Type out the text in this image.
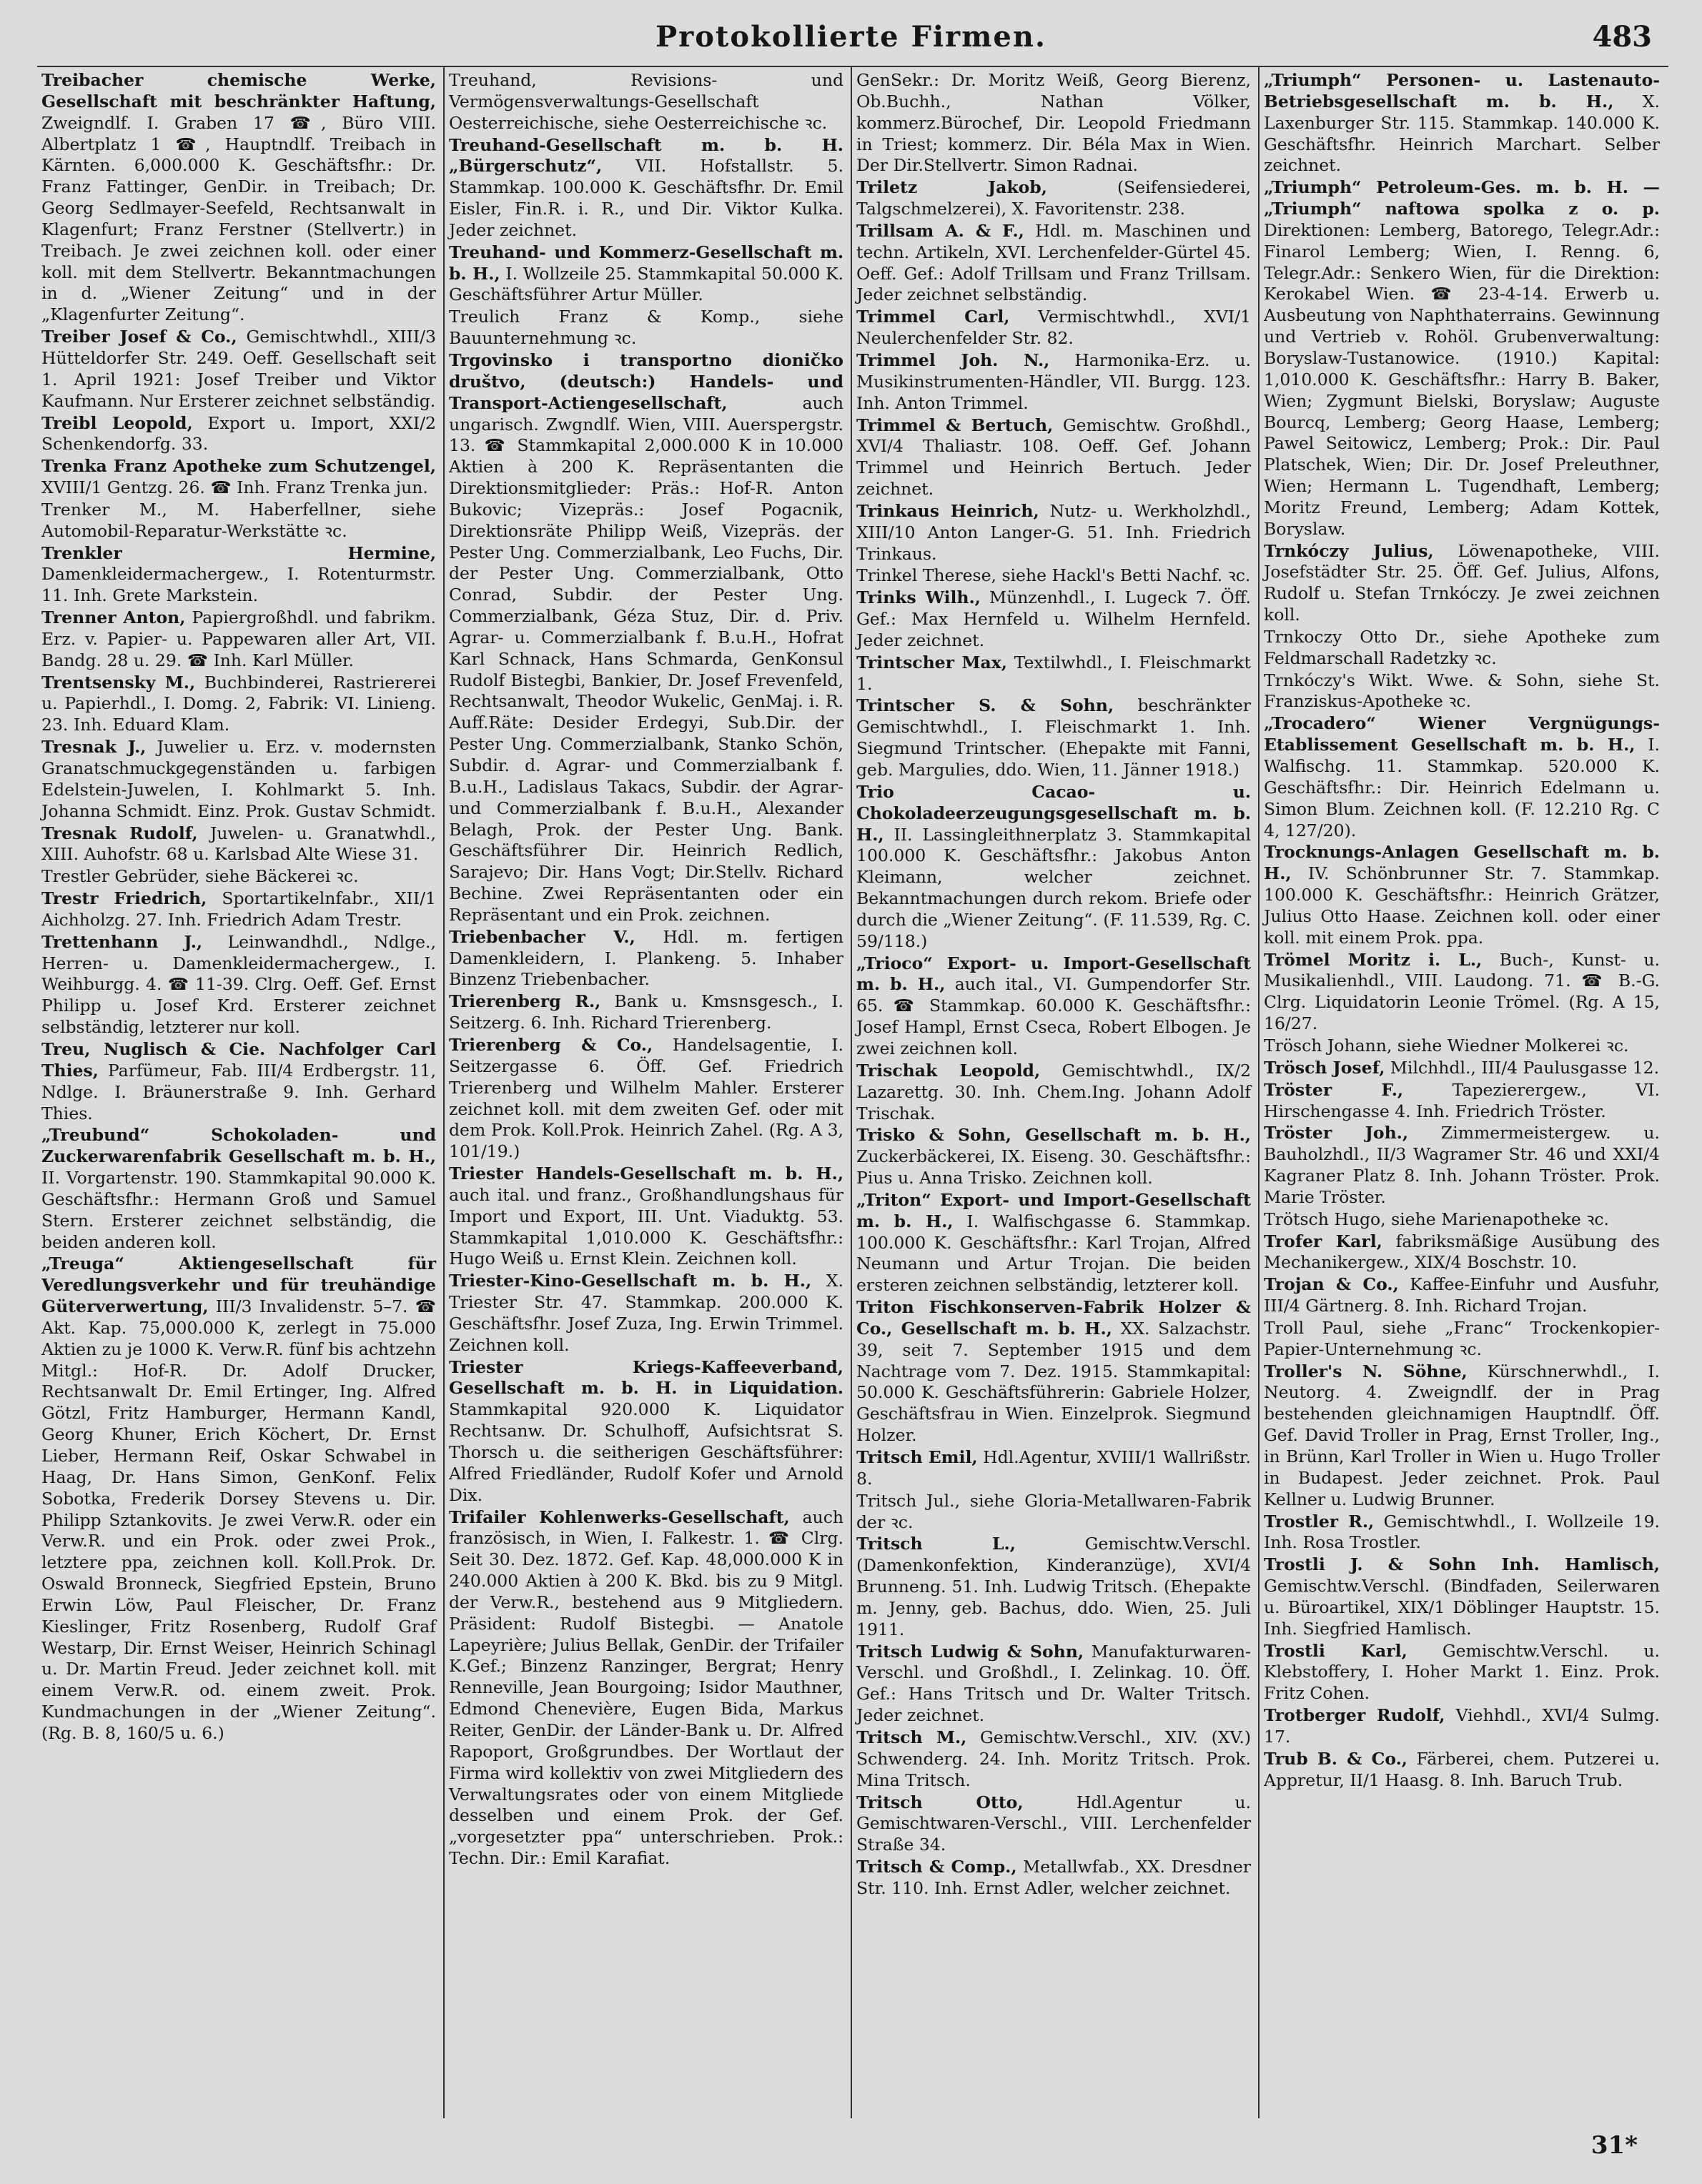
Protokollierte Firmen.	483

Treibacher chemische Werke, Gesellschaft mit beschränkter Haftung, Zweigndlf. I. Graben 17 ☎, Büro VIII. Albertplatz 1 ☎, Hauptndlf. Treibach in Kärnten. 6,000.000 K. Geschäftsfhr.: Dr. Franz Fattinger, GenDir. in Treibach; Dr. Georg Sedlmayer-Seefeld, Rechtsanwalt in Klagenfurt; Franz Ferstner (Stellvertr.) in Treibach. Je zwei zeichnen koll. oder einer koll. mit dem Stellvertr. Bekanntmachungen in d. „Wiener Zeitung“ und in der „Klagenfurter Zeitung“.

Treiber Josef & Co., Gemischtwhdl., XIII/3 Hütteldorfer Str. 249. Oeff. Gesellschaft seit 1. April 1921: Josef Treiber und Viktor Kaufmann. Nur Ersterer zeichnet selbständig.

Treibl Leopold, Export u. Import, XXI/2 Schenkendorfg. 33.

Trenka Franz Apotheke zum Schutzengel, XVIII/1 Gentzg. 26. ☎ Inh. Franz Trenka jun.

Trenker M., M. Haberfellner, siehe Automobil-Reparatur-Werkstätte ꝛc.

Trenkler Hermine, Damenkleidermachergew., I. Rotenturmstr. 11. Inh. Grete Markstein.

Trenner Anton, Papiergroßhdl. und fabrikm. Erz. v. Papier- u. Pappewaren aller Art, VII. Bandg. 28 u. 29. ☎ Inh. Karl Müller.

Trentsensky M., Buchbinderei, Rastriererei u. Papierhdl., I. Domg. 2, Fabrik: VI. Linieng. 23. Inh. Eduard Klam.

Tresnak J., Juwelier u. Erz. v. modernsten Granatschmuckgegenständen u. farbigen Edelstein-Juwelen, I. Kohlmarkt 5. Inh. Johanna Schmidt. Einz. Prok. Gustav Schmidt.

Tresnak Rudolf, Juwelen- u. Granatwhdl., XIII. Auhofstr. 68 u. Karlsbad Alte Wiese 31.

Trestler Gebrüder, siehe Bäckerei ꝛc.

Trestr Friedrich, Sportartikelnfabr., XII/1 Aichholzg. 27. Inh. Friedrich Adam Trestr.

Trettenhann J., Leinwandhdl., Ndlge., Herren- u. Damenkleidermachergew., I. Weihburgg. 4. ☎ 11-39. Clrg. Oeff. Gef. Ernst Philipp u. Josef Krd. Ersterer zeichnet selbständig, letzterer nur koll.

Treu, Nuglisch & Cie. Nachfolger Carl Thies, Parfümeur, Fab. III/4 Erdbergstr. 11, Ndlge. I. Bräunerstraße 9. Inh. Gerhard Thies.

„Treubund“ Schokoladen- und Zuckerwarenfabrik Gesellschaft m. b. H., II. Vorgartenstr. 190. Stammkapital 90.000 K. Geschäftsfhr.: Hermann Groß und Samuel Stern. Ersterer zeichnet selbständig, die beiden anderen koll.

„Treuga“ Aktiengesellschaft für Veredlungsverkehr und für treuhändige Güterverwertung, III/3 Invalidenstr. 5–7. ☎ Akt. Kap. 75,000.000 K, zerlegt in 75.000 Aktien zu je 1000 K. Verw.R. fünf bis achtzehn Mitgl.: Hof-R. Dr. Adolf Drucker, Rechtsanwalt Dr. Emil Ertinger, Ing. Alfred Götzl, Fritz Hamburger, Hermann Kandl, Georg Khuner, Erich Köchert, Dr. Ernst Lieber, Hermann Reif, Oskar Schwabel in Haag, Dr. Hans Simon, GenKonf. Felix Sobotka, Frederik Dorsey Stevens u. Dir. Philipp Sztankovits. Je zwei Verw.R. oder ein Verw.R. und ein Prok. oder zwei Prok., letztere ppa, zeichnen koll. Koll.Prok. Dr. Oswald Bronneck, Siegfried Epstein, Bruno Erwin Löw, Paul Fleischer, Dr. Franz Kieslinger, Fritz Rosenberg, Rudolf Graf Westarp, Dir. Ernst Weiser, Heinrich Schinagl u. Dr. Martin Freud. Jeder zeichnet koll. mit einem Verw.R. od. einem zweit. Prok. Kundmachungen in der „Wiener Zeitung“. (Rg. B. 8, 160/5 u. 6.)

Treuhand, Revisions- und Vermögensverwaltungs-Gesellschaft Oesterreichische, siehe Oesterreichische ꝛc.

Treuhand-Gesellschaft m. b. H. „Bürgerschutz“, VII. Hofstallstr. 5. Stammkap. 100.000 K. Geschäftsfhr. Dr. Emil Eisler, Fin.R. i. R., und Dir. Viktor Kulka. Jeder zeichnet.

Treuhand- und Kommerz-Gesellschaft m. b. H., I. Wollzeile 25. Stammkapital 50.000 K. Geschäftsführer Artur Müller.

Treulich Franz & Komp., siehe Bauunternehmung ꝛc.

Trgovinsko i transportno dioničko društvo, (deutsch:) Handels- und Transport-Actiengesellschaft,	auch ungarisch. Zwgndlf. Wien, VIII. Auerspergstr. 13. ☎ Stammkapital 2,000.000 K in 10.000 Aktien à 200 K. Repräsentanten die Direktionsmitglieder: Präs.: Hof-R. Anton Bukovic; Vizepräs.: Josef Pogacnik, Direktionsräte Philipp Weiß, Vizepräs. der Pester Ung. Commerzialbank, Leo Fuchs, Dir. der Pester Ung. Commerzialbank, Otto Conrad, Subdir. der Pester Ung. Commerzialbank, Géza Stuz, Dir. d. Priv. Agrar- u. Commerzialbank f. B.u.H., Hofrat Karl Schnack, Hans Schmarda, GenKonsul Rudolf Bistegbi, Bankier, Dr. Josef Frevenfeld, Rechtsanwalt, Theodor Wukelic, GenMaj. i. R. Auff.Räte: Desider Erdegyi, Sub.Dir. der Pester Ung. Commerzialbank, Stanko Schön, Subdir. d. Agrar- und Commerzialbank f. B.u.H., Ladislaus Takacs, Subdir. der Agrar- und Commerzialbank f. B.u.H., Alexander Belagh, Prok. der Pester Ung. Bank. Geschäftsführer Dir. Heinrich Redlich, Sarajevo; Dir. Hans Vogt; Dir.Stellv. Richard Bechine. Zwei Repräsentanten oder ein Repräsentant und ein Prok. zeichnen.

Triebenbacher V., Hdl. m. fertigen Damenkleidern, I. Plankeng. 5. Inhaber Binzenz Triebenbacher.

Trierenberg R., Bank u. Kmsnsgesch., I. Seitzerg. 6. Inh. Richard Trierenberg.

Trierenberg & Co., Handelsagentie, I. Seitzergasse 6. Öff. Gef. Friedrich Trierenberg und Wilhelm Mahler. Ersterer zeichnet koll. mit dem zweiten Gef. oder mit dem Prok. Koll.Prok. Heinrich Zahel. (Rg. A 3, 101/19.)

Triester Handels-Gesellschaft m. b. H., auch ital. und franz., Großhandlungshaus für Import und Export, III. Unt. Viaduktg. 53. Stammkapital 1,010.000 K. Geschäftsfhr.: Hugo Weiß u. Ernst Klein. Zeichnen koll.

Triester-Kino-Gesellschaft m. b. H., X. Triester Str. 47. Stammkap. 200.000 K. Geschäftsfhr. Josef Zuza, Ing. Erwin Trimmel. Zeichnen koll.

Triester Kriegs-Kaffeeverband, Gesellschaft m. b. H. in Liquidation. Stammkapital 920.000 K. Liquidator Rechtsanw. Dr. Schulhoff, Aufsichtsrat S. Thorsch u. die seitherigen Geschäftsführer: Alfred Friedländer, Rudolf Kofer und Arnold Dix.

Trifailer Kohlenwerks-Gesellschaft, auch französisch, in Wien, I. Falkestr. 1. ☎ Clrg. Seit 30. Dez. 1872. Gef. Kap. 48,000.000 K in 240.000 Aktien à 200 K. Bkd. bis zu 9 Mitgl. der Verw.R., bestehend aus 9 Mitgliedern. Präsident: Rudolf Bistegbi. — Anatole Lapeyrière; Julius Bellak, GenDir. der Trifailer K.Gef.; Binzenz Ranzinger, Bergrat; Henry Renneville, Jean Bourgoing; Isidor Mauthner, Edmond Chenevière, Eugen Bida, Markus Reiter, GenDir. der Länder-Bank u. Dr. Alfred Rapoport, Großgrundbes. Der Wortlaut der Firma wird kollektiv von zwei Mitgliedern des Verwaltungsrates oder von einem Mitgliede desselben und einem Prok. der Gef. „vorgesetzter ppa“ unterschrieben. Prok.: Techn. Dir.: Emil Karafiat.

GenSekr.: Dr. Moritz Weiß, Georg Bierenz, Ob.Buchh., Nathan Völker, kommerz.Bürochef, Dir. Leopold Friedmann in Triest; kommerz. Dir. Béla Max in Wien. Der Dir.Stellvertr. Simon Radnai.

Triletz Jakob,	(Seifensiederei, Talgschmelzerei), X. Favoritenstr. 238.

Trillsam A. & F., Hdl. m. Maschinen und techn. Artikeln, XVI. Lerchenfelder-Gürtel 45. Oeff. Gef.: Adolf Trillsam und Franz Trillsam. Jeder zeichnet selbständig.

Trimmel Carl, Vermischtwhdl., XVI/1 Neulerchenfelder Str. 82.

Trimmel Joh. N., Harmonika-Erz. u. Musikinstrumenten-Händler, VII. Burgg. 123. Inh. Anton Trimmel.

Trimmel & Bertuch, Gemischtw. Großhdl., XVI/4 Thaliastr. 108. Oeff. Gef. Johann Trimmel und Heinrich Bertuch. Jeder zeichnet.

Trinkaus Heinrich, Nutz- u. Werkholzhdl., XIII/10 Anton Langer-G. 51. Inh. Friedrich Trinkaus.

Trinkel Therese, siehe Hackl's Betti Nachf. ꝛc.

Trinks Wilh., Münzenhdl., I. Lugeck 7. Öff. Gef.: Max Hernfeld u. Wilhelm Hernfeld. Jeder zeichnet.

Trintscher Max, Textilwhdl., I. Fleischmarkt 1.

Trintscher S. & Sohn, beschränkter Gemischtwhdl., I. Fleischmarkt 1. Inh. Siegmund Trintscher. (Ehepakte mit Fanni, geb. Margulies, ddo. Wien, 11. Jänner 1918.)

Trio Cacao- u. Chokoladeerzeugungsgesellschaft m. b. H., II. Lassingleithnerplatz 3. Stammkapital 100.000 K. Geschäftsfhr.: Jakobus Anton Kleimann, welcher zeichnet. Bekanntmachungen durch rekom. Briefe oder durch die „Wiener Zeitung“. (F. 11.539, Rg. C. 59/118.)

„Trioco“ Export- u. Import-Gesellschaft m. b. H., auch ital., VI. Gumpendorfer Str. 65. ☎ Stammkap. 60.000 K. Geschäftsfhr.: Josef Hampl, Ernst Cseca, Robert Elbogen. Je zwei zeichnen koll.

Trischak Leopold, Gemischtwhdl., IX/2 Lazarettg. 30. Inh. Chem.Ing. Johann Adolf Trischak.

Trisko & Sohn, Gesellschaft m. b. H., Zuckerbäckerei, IX. Eiseng. 30. Geschäftsfhr.: Pius u. Anna Trisko. Zeichnen koll.

„Triton“ Export- und Import-Gesellschaft m. b. H., I. Walfischgasse 6. Stammkap. 100.000 K. Geschäftsfhr.: Karl Trojan, Alfred Neumann und Artur Trojan. Die beiden ersteren zeichnen selbständig, letzterer koll.

Triton Fischkonserven-Fabrik Holzer & Co., Gesellschaft m. b. H., XX. Salzachstr. 39, seit 7. September 1915 und dem Nachtrage vom 7. Dez. 1915. Stammkapital: 50.000 K. Geschäftsführerin: Gabriele Holzer, Geschäftsfrau in Wien. Einzelprok. Siegmund Holzer.

Tritsch Emil, Hdl.Agentur, XVIII/1 Wallrißstr. 8.

Tritsch Jul., siehe Gloria-Metallwaren-Fabrik der ꝛc.

Tritsch L.,	Gemischtw.Verschl. (Damenkonfektion, Kinderanzüge), XVI/4 Brunneng. 51. Inh. Ludwig Tritsch. (Ehepakte m. Jenny, geb. Bachus, ddo. Wien, 25. Juli 1911.

Tritsch Ludwig & Sohn, Manufakturwaren-Verschl. und Großhdl., I. Zelinkag. 10. Öff. Gef.: Hans Tritsch und Dr. Walter Tritsch. Jeder zeichnet.

Tritsch M., Gemischtw.Verschl., XIV. (XV.) Schwenderg. 24. Inh. Moritz Tritsch. Prok. Mina Tritsch.

Tritsch Otto,	Hdl.Agentur u. Gemischtwaren-Verschl., VIII. Lerchenfelder Straße 34.

Tritsch & Comp., Metallwfab., XX. Dresdner Str. 110. Inh. Ernst Adler, welcher zeichnet.

„Triumph“ Personen- u. Lastenauto-Betriebsgesellschaft m. b. H., X. Laxenburger Str. 115. Stammkap. 140.000 K. Geschäftsfhr. Heinrich Marchart. Selber zeichnet.

„Triumph“ Petroleum-Ges. m. b. H. — „Triumph“ naftowa spolka z o. p. Direktionen: Lemberg, Batorego, Telegr.Adr.: Finarol Lemberg; Wien, I. Renng. 6, Telegr.Adr.: Senkero Wien, für die Direktion: Kerokabel Wien. ☎ 23-4-14. Erwerb u. Ausbeutung von Naphthaterrains. Gewinnung und Vertrieb v. Rohöl. Grubenverwaltung: Boryslaw-Tustanowice. (1910.) Kapital: 1,010.000 K. Geschäftsfhr.: Harry B. Baker, Wien; Zygmunt Bielski, Boryslaw; Auguste Bourcq, Lemberg; Georg Haase, Lemberg; Pawel Seitowicz, Lemberg; Prok.: Dir. Paul Platschek, Wien; Dir. Dr. Josef Preleuthner, Wien; Hermann L. Tugendhaft, Lemberg; Moritz Freund, Lemberg; Adam Kottek, Boryslaw.

Trnkóczy Julius, Löwenapotheke, VIII. Josefstädter Str. 25. Öff. Gef. Julius, Alfons, Rudolf u. Stefan Trnkóczy. Je zwei zeichnen koll.

Trnkoczy Otto Dr., siehe Apotheke zum Feldmarschall Radetzky ꝛc.

Trnkóczy's Wikt. Wwe. & Sohn, siehe St. Franziskus-Apotheke ꝛc.

„Trocadero“ Wiener Vergnügungs-Etablissement Gesellschaft m. b. H., I. Walfischg. 11. Stammkap. 520.000 K. Geschäftsfhr.: Dir. Heinrich Edelmann u. Simon Blum. Zeichnen koll. (F. 12.210 Rg. C 4, 127/20).

Trocknungs-Anlagen Gesellschaft m. b. H., IV. Schönbrunner Str. 7. Stammkap. 100.000 K. Geschäftsfhr.: Heinrich Grätzer, Julius Otto Haase. Zeichnen koll. oder einer koll. mit einem Prok. ppa.

Trömel Moritz i. L., Buch-, Kunst- u. Musikalienhdl., VIII. Laudong. 71. ☎ B.-G. Clrg. Liquidatorin Leonie Trömel. (Rg. A 15, 16/27.

Trösch Johann, siehe Wiedner Molkerei ꝛc.

Trösch Josef, Milchhdl., III/4 Paulusgasse 12.

Tröster F.,	Tapezierergew., VI. Hirschengasse 4. Inh. Friedrich Tröster.

Tröster Joh., Zimmermeistergew. u. Bauholzhdl., II/3 Wagramer Str. 46 und XXI/4 Kagraner Platz 8. Inh. Johann Tröster. Prok. Marie Tröster.

Trötsch Hugo, siehe Marienapotheke ꝛc.

Trofer Karl, fabriksmäßige Ausübung des Mechanikergew., XIX/4 Boschstr. 10.

Trojan & Co., Kaffee-Einfuhr und Ausfuhr, III/4 Gärtnerg. 8. Inh. Richard Trojan.

Troll Paul, siehe „Franc“ Trockenkopier-Papier-Unternehmung ꝛc.

Troller's N. Söhne, Kürschnerwhdl., I. Neutorg. 4. Zweigndlf. der in Prag bestehenden gleichnamigen Hauptndlf. Öff. Gef. David Troller in Prag, Ernst Troller, Ing., in Brünn, Karl Troller in Wien u. Hugo Troller in Budapest. Jeder zeichnet. Prok. Paul Kellner u. Ludwig Brunner.

Trostler R., Gemischtwhdl., I. Wollzeile 19. Inh. Rosa Trostler.

Trostli J. & Sohn Inh. Hamlisch, Gemischtw.Verschl. (Bindfaden, Seilerwaren u. Büroartikel, XIX/1 Döblinger Hauptstr. 15. Inh. Siegfried Hamlisch.

Trostli Karl, Gemischtw.Verschl. u. Klebstoffery, I. Hoher Markt 1. Einz. Prok. Fritz Cohen.

Trotberger Rudolf, Viehhdl., XVI/4 Sulmg. 17.

Trub B. & Co., Färberei, chem. Putzerei u. Appretur, II/1 Haasg. 8. Inh. Baruch Trub.

31*
